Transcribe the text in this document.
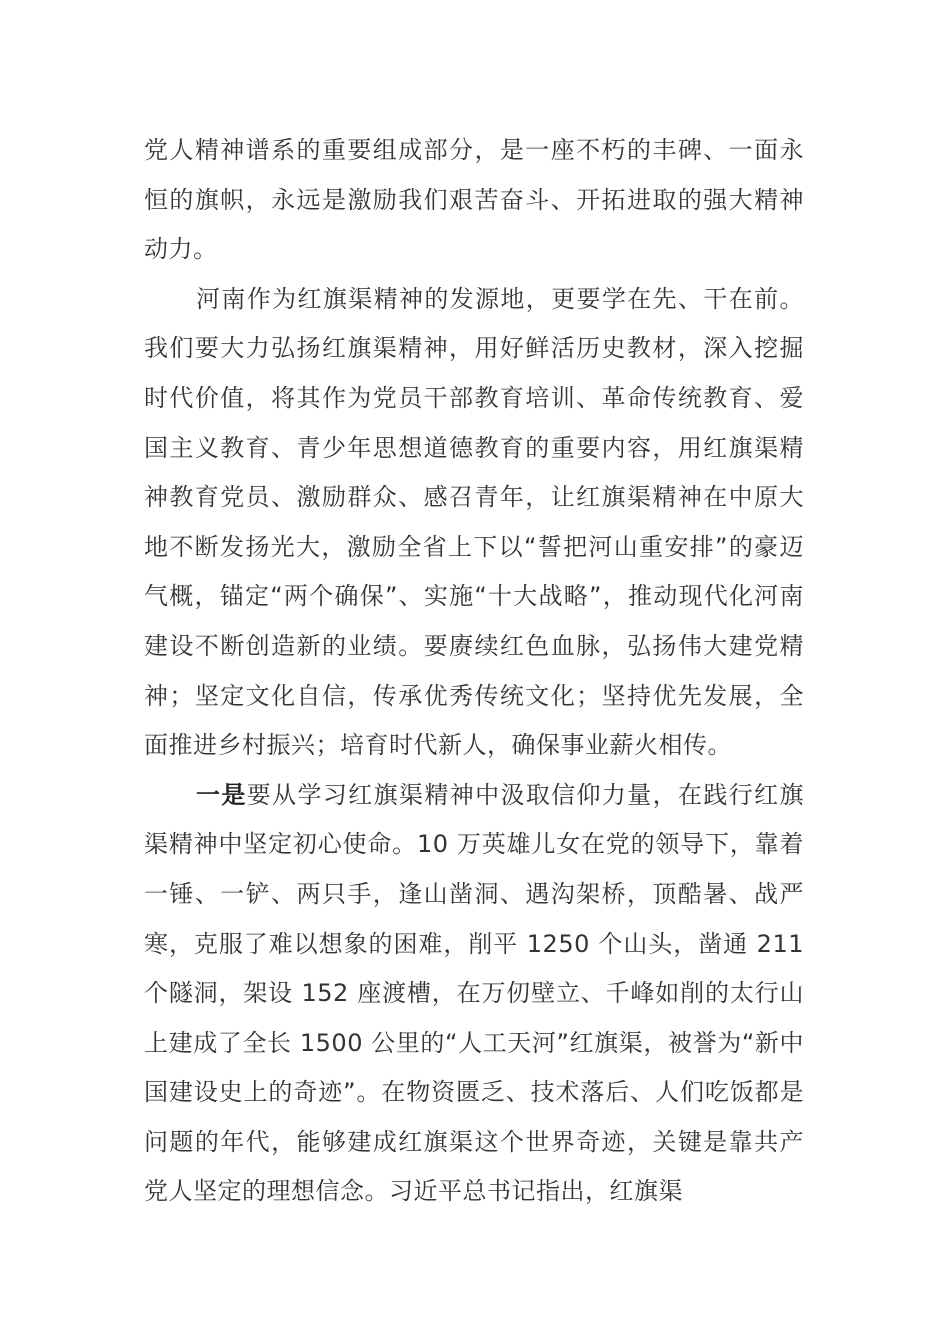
党人精神谱系的重要组成部分，是一座不朽的丰碑、一面永恒的旗帜，永远是激励我们艰苦奋斗、开拓进取的强大精神动力。

河南作为红旗渠精神的发源地，更要学在先、干在前。我们要大力弘扬红旗渠精神，用好鲜活历史教材，深入挖掘时代价值，将其作为党员干部教育培训、革命传统教育、爱国主义教育、青少年思想道德教育的重要内容，用红旗渠精神教育党员、激励群众、感召青年，让红旗渠精神在中原大地不断发扬光大，激励全省上下以“誓把河山重安排”的豪迈气概，锚定“两个确保”、实施“十大战略”，推动现代化河南建设不断创造新的业绩。要赓续红色血脉，弘扬伟大建党精神；坚定文化自信，传承优秀传统文化；坚持优先发展，全面推进乡村振兴；培育时代新人，确保事业薪火相传。

一是要从学习红旗渠精神中汲取信仰力量，在践行红旗渠精神中坚定初心使命。10 万英雄儿女在党的领导下，靠着一锤、一铲、两只手，逢山凿洞、遇沟架桥，顶酷暑、战严寒，克服了难以想象的困难，削平 1250 个山头，凿通 211 个隧洞，架设 152 座渡槽，在万仞壁立、千峰如削的太行山上建成了全长 1500 公里的“人工天河”红旗渠，被誉为“新中国建设史上的奇迹”。在物资匮乏、技术落后、人们吃饭都是问题的年代，能够建成红旗渠这个世界奇迹，关键是靠共产党人坚定的理想信念。习近平总书记指出，红旗渠
